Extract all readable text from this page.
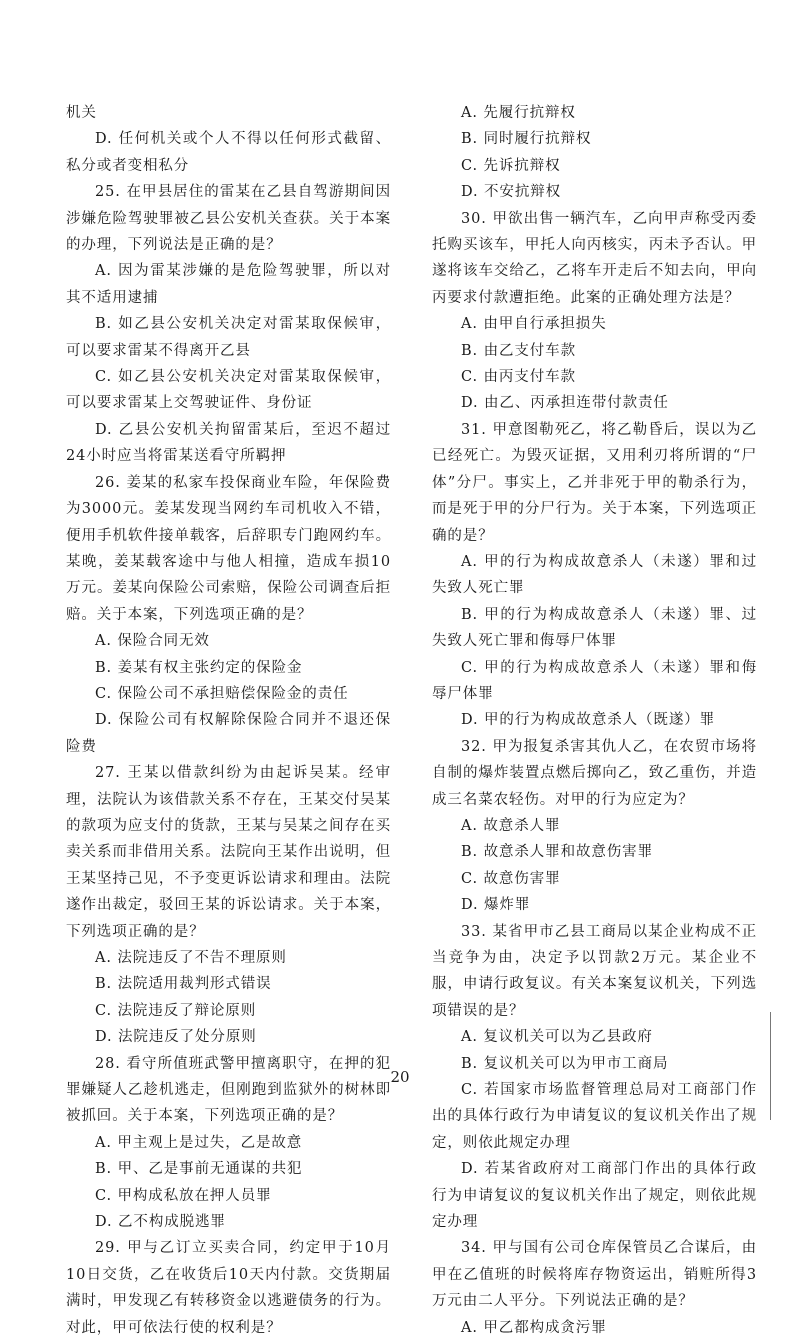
机关

D. 任何机关或个人不得以任何形式截留、私分或者变相私分

25. 在甲县居住的雷某在乙县自驾游期间因涉嫌危险驾驶罪被乙县公安机关查获。关于本案的办理，下列说法是正确的是？

A. 因为雷某涉嫌的是危险驾驶罪，所以对其不适用逮捕

B. 如乙县公安机关决定对雷某取保候审，可以要求雷某不得离开乙县

C. 如乙县公安机关决定对雷某取保候审，可以要求雷某上交驾驶证件、身份证

D. 乙县公安机关拘留雷某后，至迟不超过24小时应当将雷某送看守所羁押

26. 姜某的私家车投保商业车险，年保险费为3000元。姜某发现当网约车司机收入不错，便用手机软件接单载客，后辞职专门跑网约车。某晚，姜某载客途中与他人相撞，造成车损10万元。姜某向保险公司索赔，保险公司调查后拒赔。关于本案，下列选项正确的是？

A. 保险合同无效

B. 姜某有权主张约定的保险金

C. 保险公司不承担赔偿保险金的责任

D. 保险公司有权解除保险合同并不退还保险费

27. 王某以借款纠纷为由起诉吴某。经审理，法院认为该借款关系不存在，王某交付吴某的款项为应支付的货款，王某与吴某之间存在买卖关系而非借用关系。法院向王某作出说明，但王某坚持己见，不予变更诉讼请求和理由。法院遂作出裁定，驳回王某的诉讼请求。关于本案，下列选项正确的是？

A. 法院违反了不告不理原则

B. 法院适用裁判形式错误

C. 法院违反了辩论原则

D. 法院违反了处分原则

28. 看守所值班武警甲擅离职守，在押的犯罪嫌疑人乙趁机逃走，但刚跑到监狱外的树林即被抓回。关于本案，下列选项正确的是？

A. 甲主观上是过失，乙是故意

B. 甲、乙是事前无通谋的共犯

C. 甲构成私放在押人员罪

D. 乙不构成脱逃罪

29. 甲与乙订立买卖合同，约定甲于10月10日交货，乙在收货后10天内付款。交货期届满时，甲发现乙有转移资金以逃避债务的行为。对此，甲可依法行使的权利是？

A. 先履行抗辩权

B. 同时履行抗辩权

C. 先诉抗辩权

D. 不安抗辩权

30. 甲欲出售一辆汽车，乙向甲声称受丙委托购买该车，甲托人向丙核实，丙未予否认。甲遂将该车交给乙，乙将车开走后不知去向，甲向丙要求付款遭拒绝。此案的正确处理方法是？

A. 由甲自行承担损失

B. 由乙支付车款

C. 由丙支付车款

D. 由乙、丙承担连带付款责任

31. 甲意图勒死乙，将乙勒昏后，误以为乙已经死亡。为毁灭证据，又用利刃将所谓的“尸体”分尸。事实上，乙并非死于甲的勒杀行为，而是死于甲的分尸行为。关于本案，下列选项正确的是？

A. 甲的行为构成故意杀人（未遂）罪和过失致人死亡罪

B. 甲的行为构成故意杀人（未遂）罪、过失致人死亡罪和侮辱尸体罪

C. 甲的行为构成故意杀人（未遂）罪和侮辱尸体罪

D. 甲的行为构成故意杀人（既遂）罪

32. 甲为报复杀害其仇人乙，在农贸市场将自制的爆炸装置点燃后掷向乙，致乙重伤，并造成三名菜农轻伤。对甲的行为应定为？

A. 故意杀人罪

B. 故意杀人罪和故意伤害罪

C. 故意伤害罪

D. 爆炸罪

33. 某省甲市乙县工商局以某企业构成不正当竞争为由，决定予以罚款2万元。某企业不服，申请行政复议。有关本案复议机关，下列选项错误的是？

A. 复议机关可以为乙县政府

B. 复议机关可以为甲市工商局

C. 若国家市场监督管理总局对工商部门作出的具体行政行为申请复议的复议机关作出了规定，则依此规定办理

D. 若某省政府对工商部门作出的具体行政行为申请复议的复议机关作出了规定，则依此规定办理

34. 甲与国有公司仓库保管员乙合谋后，由甲在乙值班的时候将库存物资运出，销赃所得3万元由二人平分。下列说法正确的是？

A. 甲乙都构成贪污罪

20
